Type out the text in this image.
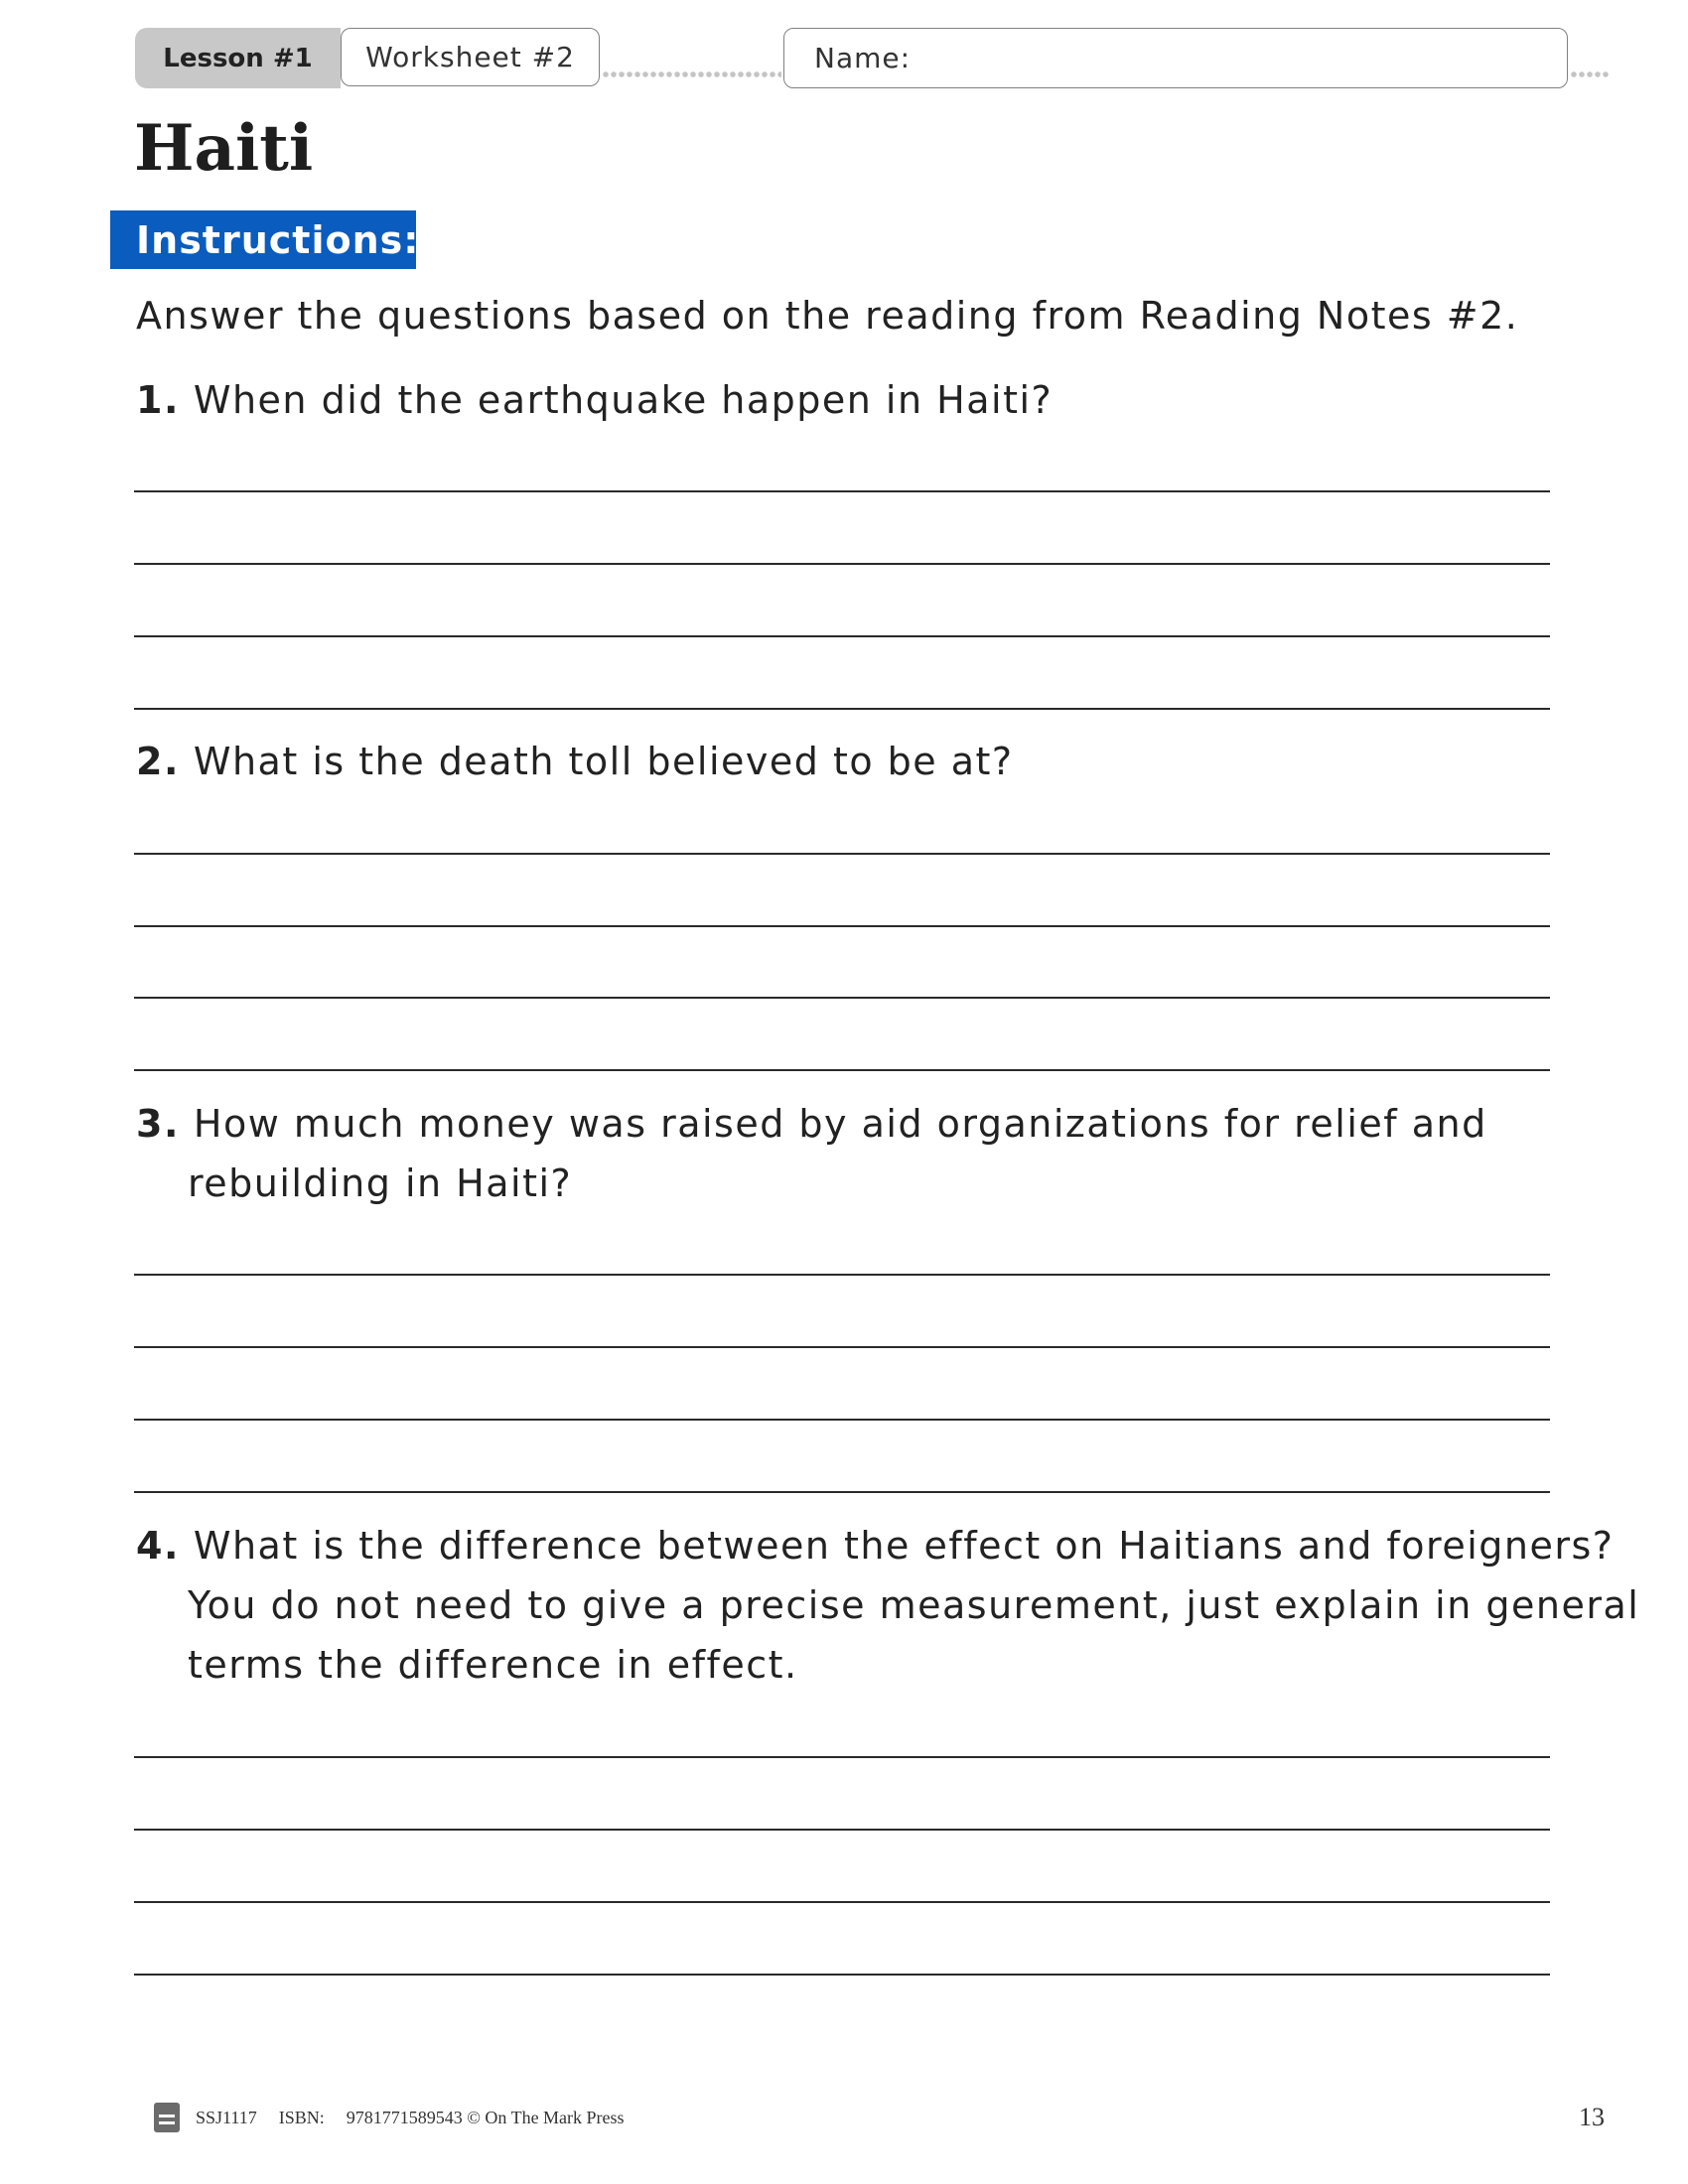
Lesson #1	Worksheet #2	Name:
Haiti
Instructions:
Answer the questions based on the reading from Reading Notes #2.
1. When did the earthquake happen in Haiti?
2. What is the death toll believed to be at?
3. How much money was raised by aid organizations for relief and
rebuilding in Haiti?
4. What is the difference between the effect on Haitians and foreigners?
You do not need to give a precise measurement, just explain in general
terms the difference in effect.
SSJ1117 ISBN: 9781771589543 © On The Mark Press	13
